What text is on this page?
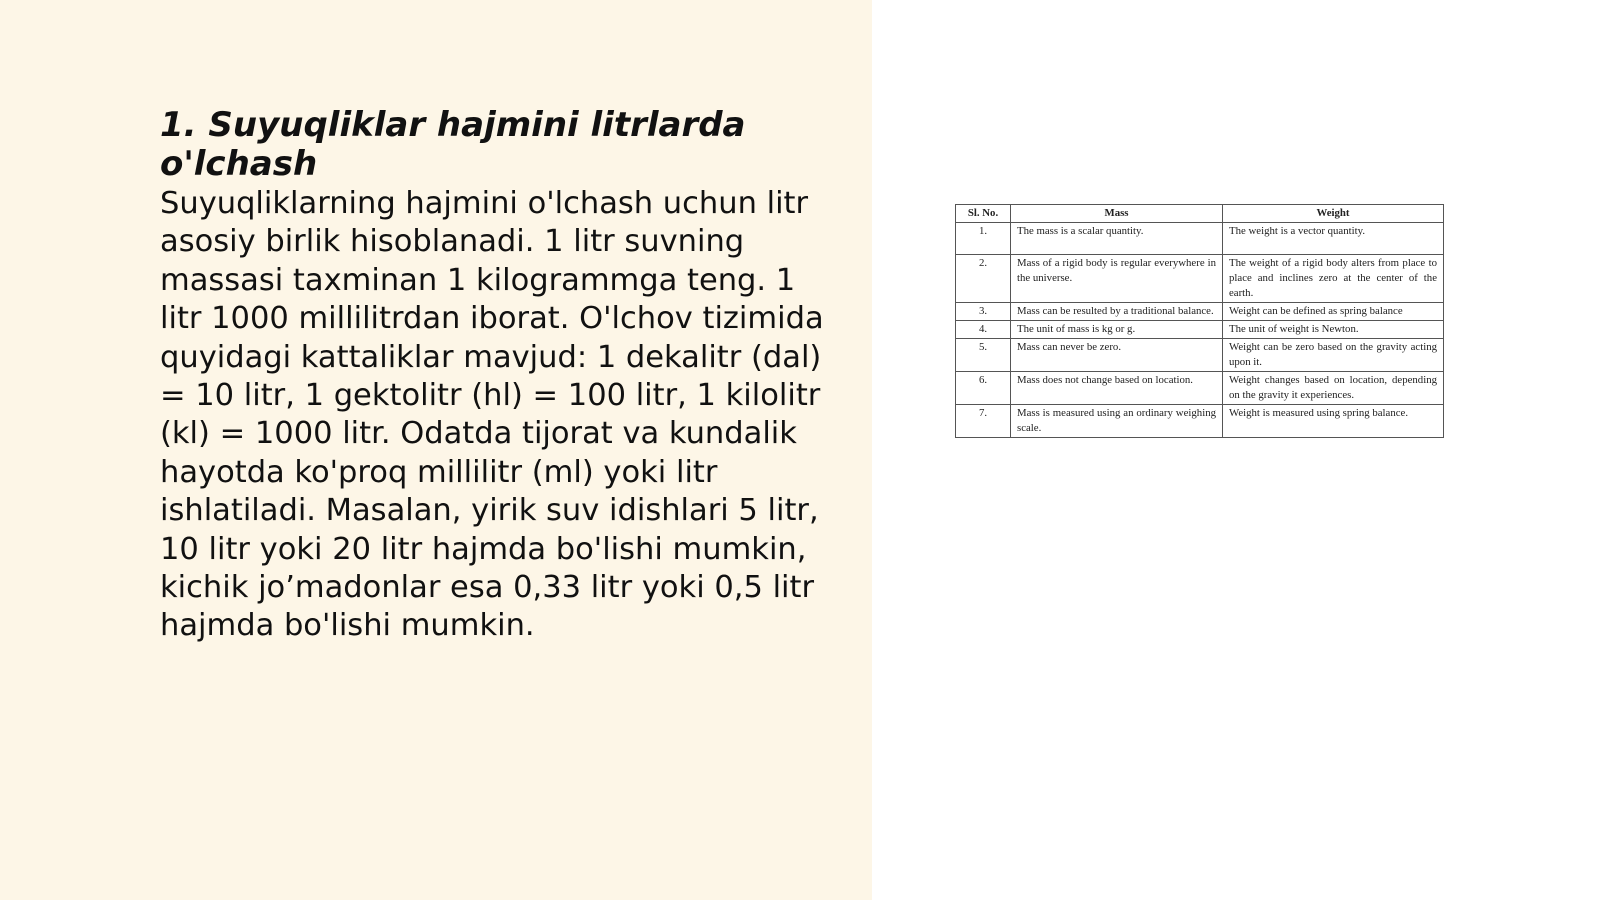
1. Suyuqliklar hajmini litrlarda o'lchash

Suyuqliklarning hajmini o'lchash uchun litr asosiy birlik hisoblanadi. 1 litr suvning massasi taxminan 1 kilogrammga teng. 1 litr 1000 millilitrdan iborat. O'lchov tizimida quyidagi kattaliklar mavjud: 1 dekalitr (dal) = 10 litr, 1 gektolitr (hl) = 100 litr, 1 kilolitr (kl) = 1000 litr. Odatda tijorat va kundalik hayotda ko'proq millilitr (ml) yoki litr ishlatiladi. Masalan, yirik suv idishlari 5 litr, 10 litr yoki 20 litr hajmda bo'lishi mumkin, kichik jo’madonlar esa 0,33 litr yoki 0,5 litr hajmda bo'lishi mumkin.

Sl. No.	Mass	Weight
1.	The mass is a scalar quantity.	The weight is a vector quantity.
2.	Mass of a rigid body is regular everywhere in the universe.	The weight of a rigid body alters from place to place and inclines zero at the center of the earth.
3.	Mass can be resulted by a traditional balance.	Weight can be defined as spring balance
4.	The unit of mass is kg or g.	The unit of weight is Newton.
5.	Mass can never be zero.	Weight can be zero based on the gravity acting upon it.
6.	Mass does not change based on location.	Weight changes based on location, depending on the gravity it experiences.
7.	Mass is measured using an ordinary weighing scale.	Weight is measured using spring balance.
